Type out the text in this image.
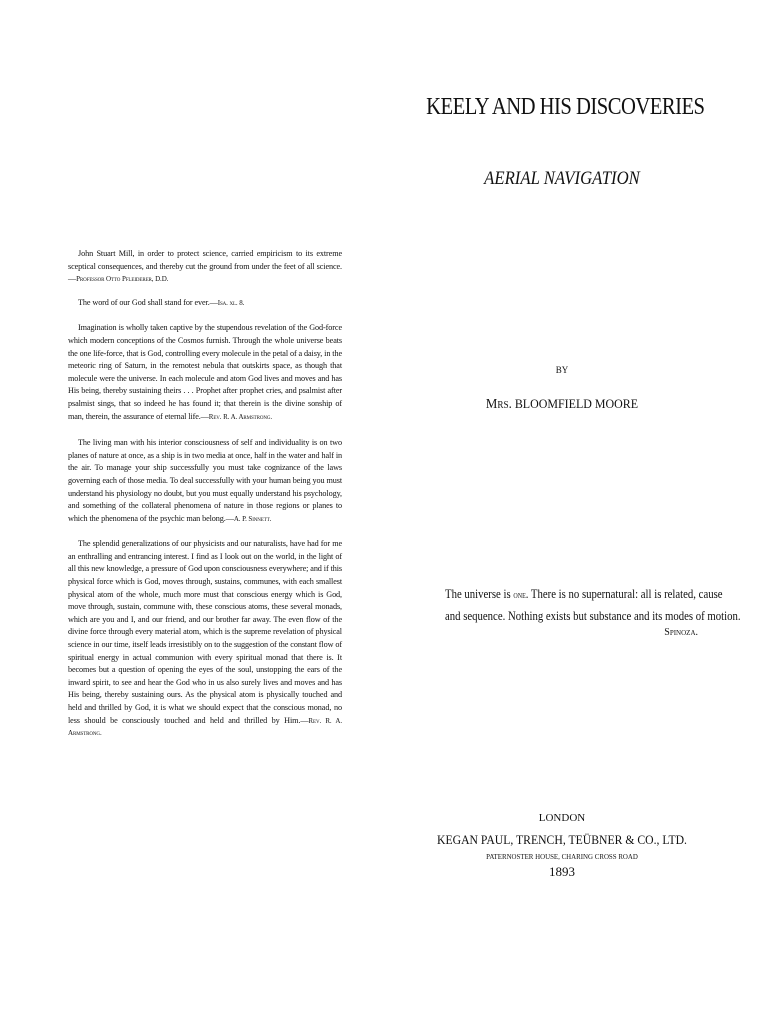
John Stuart Mill, in order to protect science, carried empiricism to its extreme sceptical consequences, and thereby cut the ground from under the feet of all science.—Professor Otto Pfleiderer, D.D.

The word of our God shall stand for ever.—Isa. xl. 8.

Imagination is wholly taken captive by the stupendous revelation of the God-force which modern conceptions of the Cosmos furnish. Through the whole universe beats the one life-force, that is God, controlling every molecule in the petal of a daisy, in the meteoric ring of Saturn, in the remotest nebula that outskirts space, as though that molecule were the universe. In each molecule and atom God lives and moves and has His being, thereby sustaining theirs . . . Prophet after prophet cries, and psalmist after psalmist sings, that so indeed he has found it; that therein is the divine sonship of man, therein, the assurance of eternal life.—Rev. R. A. Armstrong.

The living man with his interior consciousness of self and individuality is on two planes of nature at once, as a ship is in two media at once, half in the water and half in the air. To manage your ship successfully you must take cognizance of the laws governing each of those media. To deal successfully with your human being you must understand his physiology no doubt, but you must equally understand his psychology, and something of the collateral phenomena of nature in those regions or planes to which the phenomena of the psychic man belong.—A. P. Sinnett.

The splendid generalizations of our physicists and our naturalists, have had for me an enthralling and entrancing interest. I find as I look out on the world, in the light of all this new knowledge, a pressure of God upon consciousness everywhere; and if this physical force which is God, moves through, sustains, communes, with each smallest physical atom of the whole, much more must that conscious energy which is God, move through, sustain, commune with, these conscious atoms, these several monads, which are you and I, and our friend, and our brother far away. The even flow of the divine force through every material atom, which is the supreme revelation of physical science in our time, itself leads irresistibly on to the suggestion of the constant flow of spiritual energy in actual communion with every spiritual monad that there is. It becomes but a question of opening the eyes of the soul, unstopping the ears of the inward spirit, to see and hear the God who in us also surely lives and moves and has His being, thereby sustaining ours. As the physical atom is physically touched and held and thrilled by God, it is what we should expect that the conscious monad, no less should be consciously touched and held and thrilled by Him.—Rev. R. A. Armstrong.

KEELY AND HIS DISCOVERIES
AERIAL NAVIGATION
BY
Mrs. BLOOMFIELD MOORE
The universe is one. There is no supernatural: all is related, cause
and sequence. Nothing exists but substance and its modes of motion.
Spinoza.
LONDON
KEGAN PAUL, TRENCH, TEÜBNER & CO., LTD.
PATERNOSTER HOUSE, CHARING CROSS ROAD
1893
